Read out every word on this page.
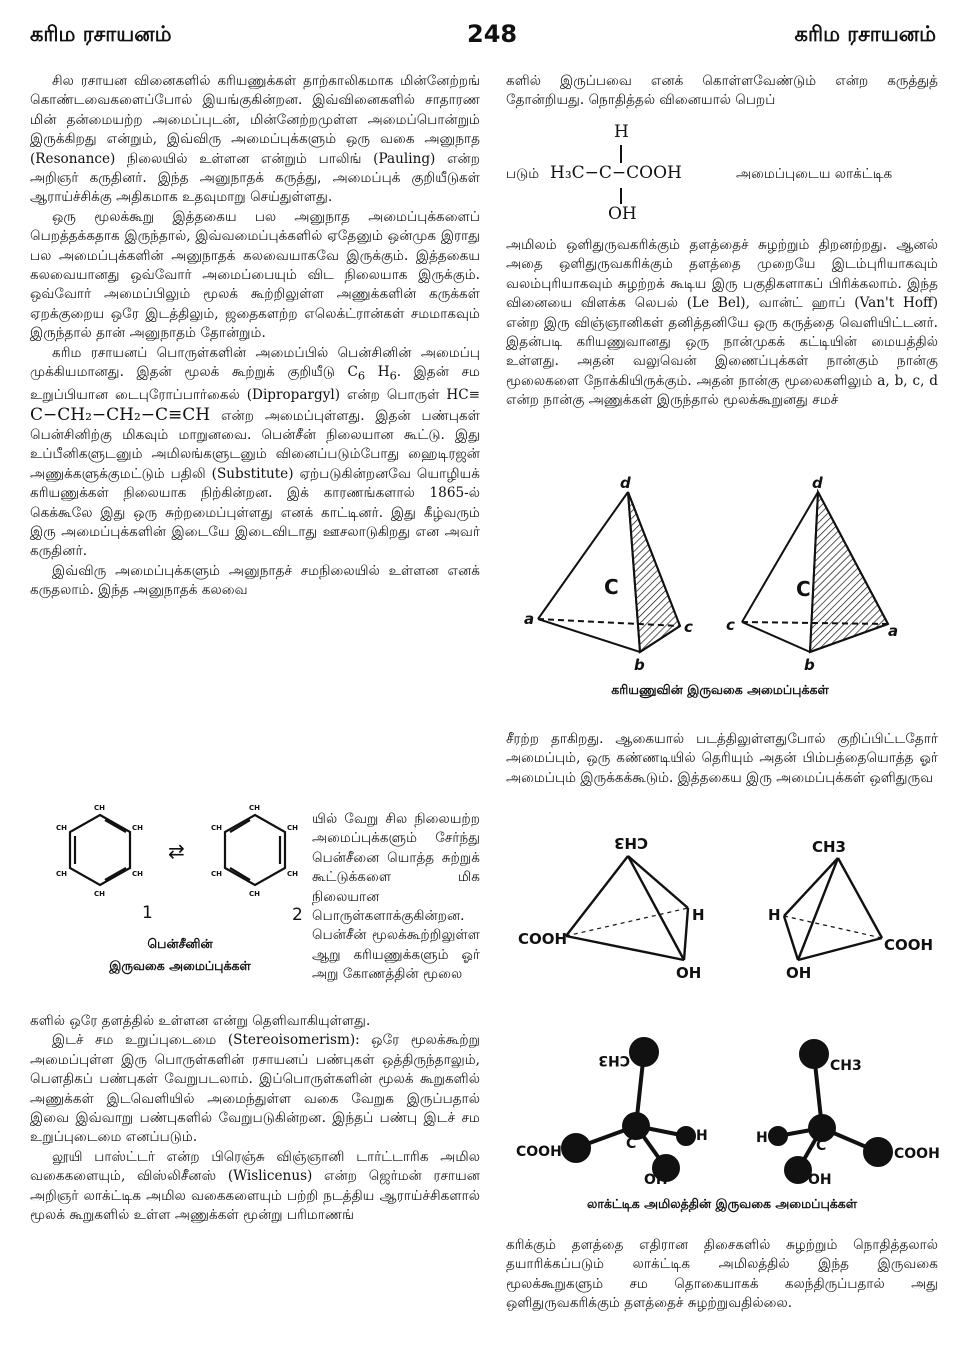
கரிம ரசாயனம்	248	கரிம ரசாயனம்

சில ரசாயன வினைகளில் கரியணுக்கள் தாற்காலிகமாக மின்னேற்றங் கொண்டவைகளைப்போல் இயங்குகின்றன. இவ்வினைகளில் சாதாரண மின் தன்மையற்ற அமைப்புடன், மின்னேற்றமுள்ள அமைப்பொன்றும் இருக்கிறது என்றும், இவ்விரு அமைப்புக்களும் ஒரு வகை அனுநாத (Resonance) நிலையில் உள்ளன என்றும் பாலிங் (Pauling) என்ற அறிஞர் கருதினர். இந்த அனுநாதக் கருத்து, அமைப்புக் குறியீடுகள் ஆராய்ச்சிக்கு அதிகமாக உதவுமாறு செய்துள்ளது.

ஒரு மூலக்கூறு இத்தகைய பல அனுநாத அமைப்புக்களைப் பெறத்தக்கதாக இருந்தால், இவ்வமைப்புக்களில் ஏதேனும் ஒன்முக இராது பல அமைப்புக்களின் அனுநாதக் கலவையாகவே இருக்கும். இத்தகைய கலவையானது ஒவ்வோர் அமைப்பையும் விட நிலையாக இருக்கும். ஒவ்வோர் அமைப்பிலும் மூலக் கூற்றிலுள்ள அணுக்களின் கருக்கள் ஏறக்குறைய ஒரே இடத்திலும், ஜதைகளற்ற எலெக்ட்ரான்கள் சமமாகவும் இருந்தால் தான் அனுநாதம் தோன்றும்.

கரிம ரசாயனப் பொருள்களின் அமைப்பில் பென்சினின் அமைப்பு முக்கியமானது. இதன் மூலக் கூற்றுக் குறியீடு $C_6$ $H_6$. இதன் சம உறுப்பியான டைபுரோப்பார்கைல் (Dipropargyl) என்ற பொருள் HC≡ C−CH₂−CH₂−C≡CH என்ற அமைப்புள்ளது. இதன் பண்புகள் பென்சினிற்கு மிகவும் மாறுனவை. பென்சீன் நிலையான கூட்டு. இது உப்பீனிகளுடனும் அமிலங்களுடனும் வினைப்படும்போது ஹைடிரஜன் அணுக்களுக்குமட்டும் பதிலி (Substitute) ஏற்படுகின்றனவே யொழியக் கரியணுக்கள் நிலையாக நிற்கின்றன. இக் காரணங்களால் 1865-ல் கெக்கூலே இது ஒரு சுற்றமைப்புள்ளது எனக் காட்டினர். இது கீழ்வரும் இரு அமைப்புக்களின் இடையே இடைவிடாது ஊசலாடுகிறது என அவர் கருதினர்.

இவ்விரு அமைப்புக்களும் அனுநாதச் சமநிலையில் உள்ளன எனக் கருதலாம். இந்த அனுநாதக் கலவை

CH
CH
CH
CH
CH
CH
CH
CH
CH
CH
CH
CH
⇄
1	2
பென்சீனின்
இருவகை அமைப்புக்கள்
யில் வேறு சில நிலையற்ற அமைப்புக்களும் சேர்ந்து பென்சீனை யொத்த சுற்றுக் கூட்டுக்களை மிக நிலையான பொருள்களாக்குகின்றன. பென்சீன் மூலக்கூற்றிலுள்ள ஆறு கரியணுக்களும் ஓர் அறு கோணத்தின் மூலை

களில் ஒரே தளத்தில் உள்ளன என்று தெளிவாகியுள்ளது.

இடச் சம உறுப்புடைமை (Stereoisomerism): ஒரே மூலக்கூற்று அமைப்புள்ள இரு பொருள்களின் ரசாயனப் பண்புகள் ஒத்திருந்தாலும், பௌதிகப் பண்புகள் வேறுபடலாம். இப்பொருள்களின் மூலக் கூறுகளில் அணுக்கள் இடவெளியில் அமைந்துள்ள வகை வேறுக இருப்பதால் இவை இவ்வாறு பண்புகளில் வேறுபடுகின்றன. இந்தப் பண்பு இடச் சம உறுப்புடைமை எனப்படும்.

லூயி பாஸ்ட்டர் என்ற பிரெஞ்சு விஞ்ஞானி டார்ட்டாரிக அமில வகைகளையும், விஸ்லிசீனஸ் (Wislicenus) என்ற ஜெர்மன் ரசாயன அறிஞர் லாக்ட்டிக அமில வகைகளையும் பற்றி நடத்திய ஆராய்ச்சிகளால் மூலக் கூறுகளில் உள்ள அணுக்கள் மூன்று பரிமாணங்

களில் இருப்பவை எனக் கொள்ளவேண்டும் என்ற கருத்துத் தோன்றியது. நொதித்தல் வினையால் பெறப்
படும்
H
H₃C−C−COOH
OH
அமைப்புடைய லாக்ட்டிக
அமிலம் ஒளிதுருவகரிக்கும் தளத்தைச் சுழற்றும் திறனற்றது. ஆனல் அதை ஒளிதுருவகரிக்கும் தளத்தை முறையே இடம்புரியாகவும் வலம்புரியாகவும் சுழற்றக் கூடிய இரு பகுதிகளாகப் பிரிக்கலாம். இந்த வினையை விளக்க லெபல் (Le Bel), வான்ட் ஹாப் (Van't Hoff) என்ற இரு விஞ்ஞானிகள் தனித்தனியே ஒரு கருத்தை வெளியிட்டனர். இதன்படி கரியணுவானது ஒரு நான்முகக் கட்டியின் மையத்தில் உள்ளது. அதன் வலுவென் இணைப்புக்கள் நான்கும் நான்கு மூலைகளை நோக்கியிருக்கும். அதன் நான்கு மூலைகளிலும் a, b, c, d என்ற நான்கு அணுக்கள் இருந்தால் மூலக்கூறுனது சமச்
d
a
b
c
C
d
c
b
a
C
கரியணுவின் இருவகை அமைப்புக்கள்
சீரற்ற தாகிறது. ஆகையால் படத்திலுள்ளதுபோல் குறிப்பிட்டதோர் அமைப்பும், ஒரு கண்ணடியில் தெரியும் அதன் பிம்பத்தையொத்த ஓர் அமைப்பும் இருக்கக்கூடும். இத்தகைய இரு அமைப்புக்கள் ஒளிதுருவ
CH3
COOH
H
OH
CH3
COOH
H
OH
CH3
COOH
H
OH
C
CH3
COOH
H
OH
C
லாக்ட்டிக அமிலத்தின் இருவகை அமைப்புக்கள்
கரிக்கும் தளத்தை எதிரான திசைகளில் சுழற்றும் நொதித்தலால் தயாரிக்கப்படும் லாக்ட்டிக அமிலத்தில் இந்த இருவகை மூலக்கூறுகளும் சம தொகையாகக் கலந்திருப்பதால் அது ஒளிதுருவகரிக்கும் தளத்தைச் சுழற்றுவதில்லை.
